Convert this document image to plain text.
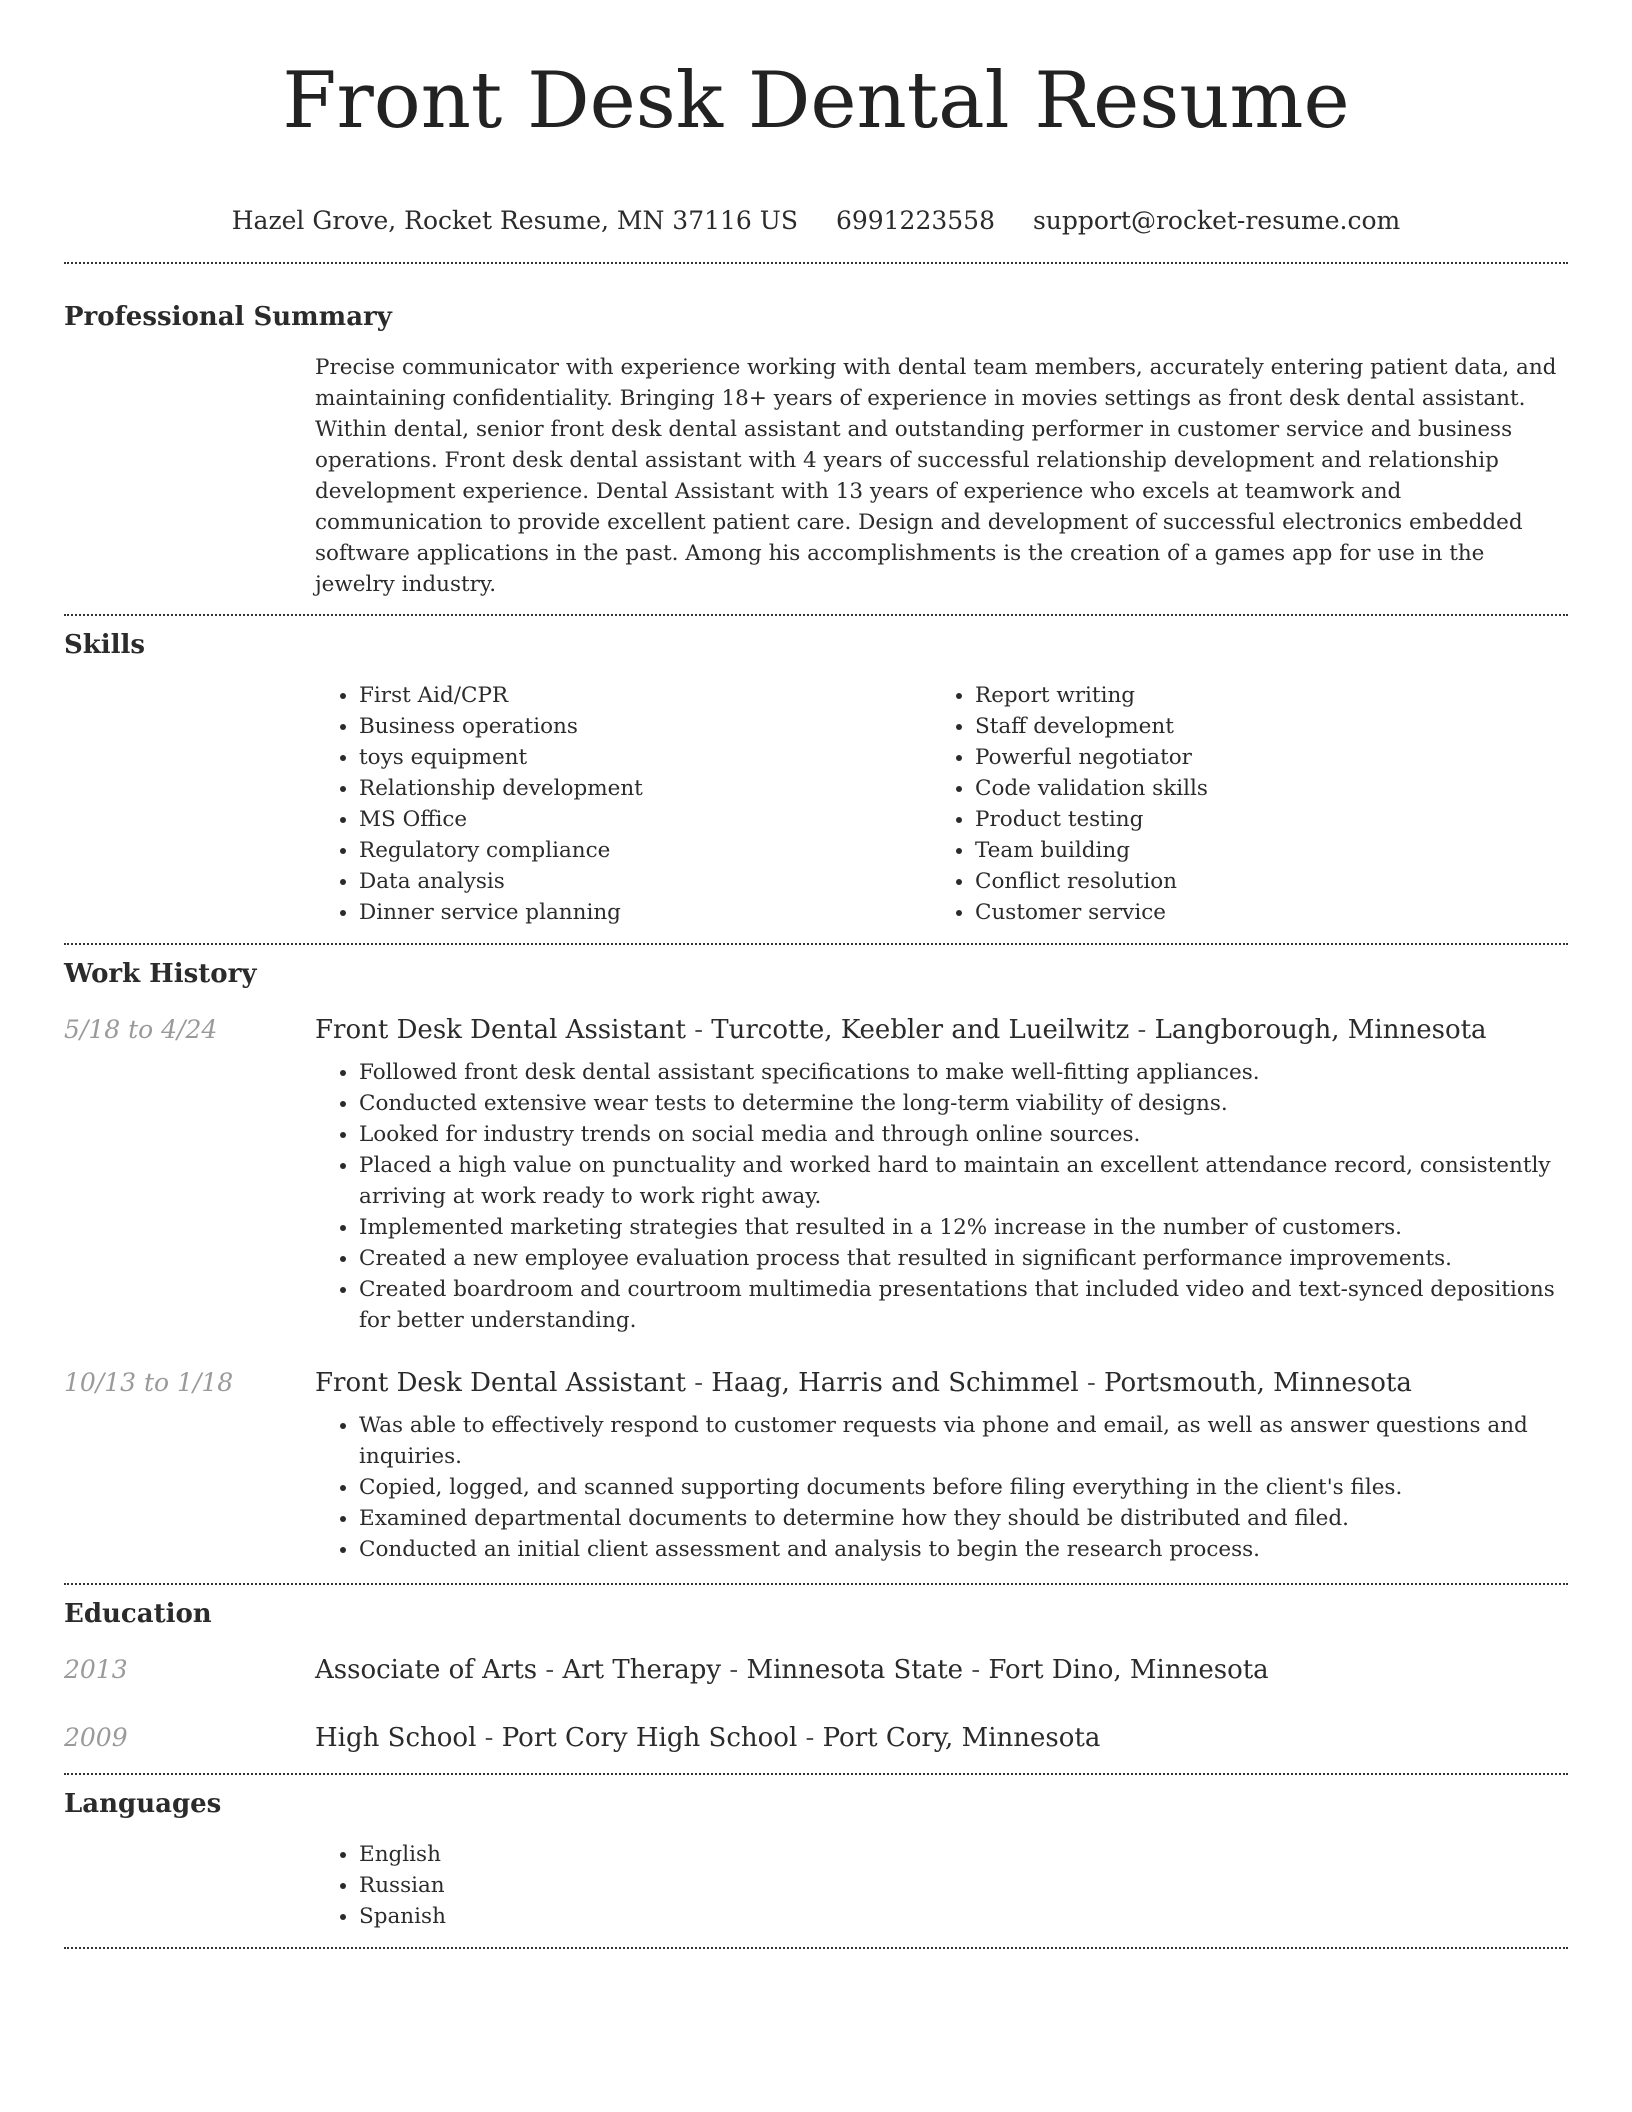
Front Desk Dental Resume
Hazel Grove, Rocket Resume, MN 37116 US 6991223558 support@rocket-resume.com
Professional Summary

Precise communicator with experience working with dental team members, accurately entering patient data, and maintaining confidentiality. Bringing 18+ years of experience in movies settings as front desk dental assistant. Within dental, senior front desk dental assistant and outstanding performer in customer service and business operations. Front desk dental assistant with 4 years of successful relationship development and relationship development experience. Dental Assistant with 13 years of experience who excels at teamwork and communication to provide excellent patient care. Design and development of successful electronics embedded software applications in the past. Among his accomplishments is the creation of a games app for use in the jewelry industry.

Skills
• First Aid/CPR
• Business operations
• toys equipment
• Relationship development
• MS Office
• Regulatory compliance
• Data analysis
• Dinner service planning
• Report writing
• Staff development
• Powerful negotiator
• Code validation skills
• Product testing
• Team building
• Conflict resolution
• Customer service
Work History
5/18 to 4/24	Front Desk Dental Assistant - Turcotte, Keebler and Lueilwitz - Langborough, Minnesota
• Followed front desk dental assistant specifications to make well-fitting appliances.
• Conducted extensive wear tests to determine the long-term viability of designs.
• Looked for industry trends on social media and through online sources.
• Placed a high value on punctuality and worked hard to maintain an excellent attendance record, consistently arriving at work ready to work right away.
• Implemented marketing strategies that resulted in a 12% increase in the number of customers.
• Created a new employee evaluation process that resulted in significant performance improvements.
• Created boardroom and courtroom multimedia presentations that included video and text-synced depositions for better understanding.
10/13 to 1/18	Front Desk Dental Assistant - Haag, Harris and Schimmel - Portsmouth, Minnesota
• Was able to effectively respond to customer requests via phone and email, as well as answer questions and inquiries.
• Copied, logged, and scanned supporting documents before filing everything in the client's files.
• Examined departmental documents to determine how they should be distributed and filed.
• Conducted an initial client assessment and analysis to begin the research process.
Education
2013	Associate of Arts - Art Therapy - Minnesota State - Fort Dino, Minnesota
2009	High School - Port Cory High School - Port Cory, Minnesota
Languages
• English
• Russian
• Spanish
